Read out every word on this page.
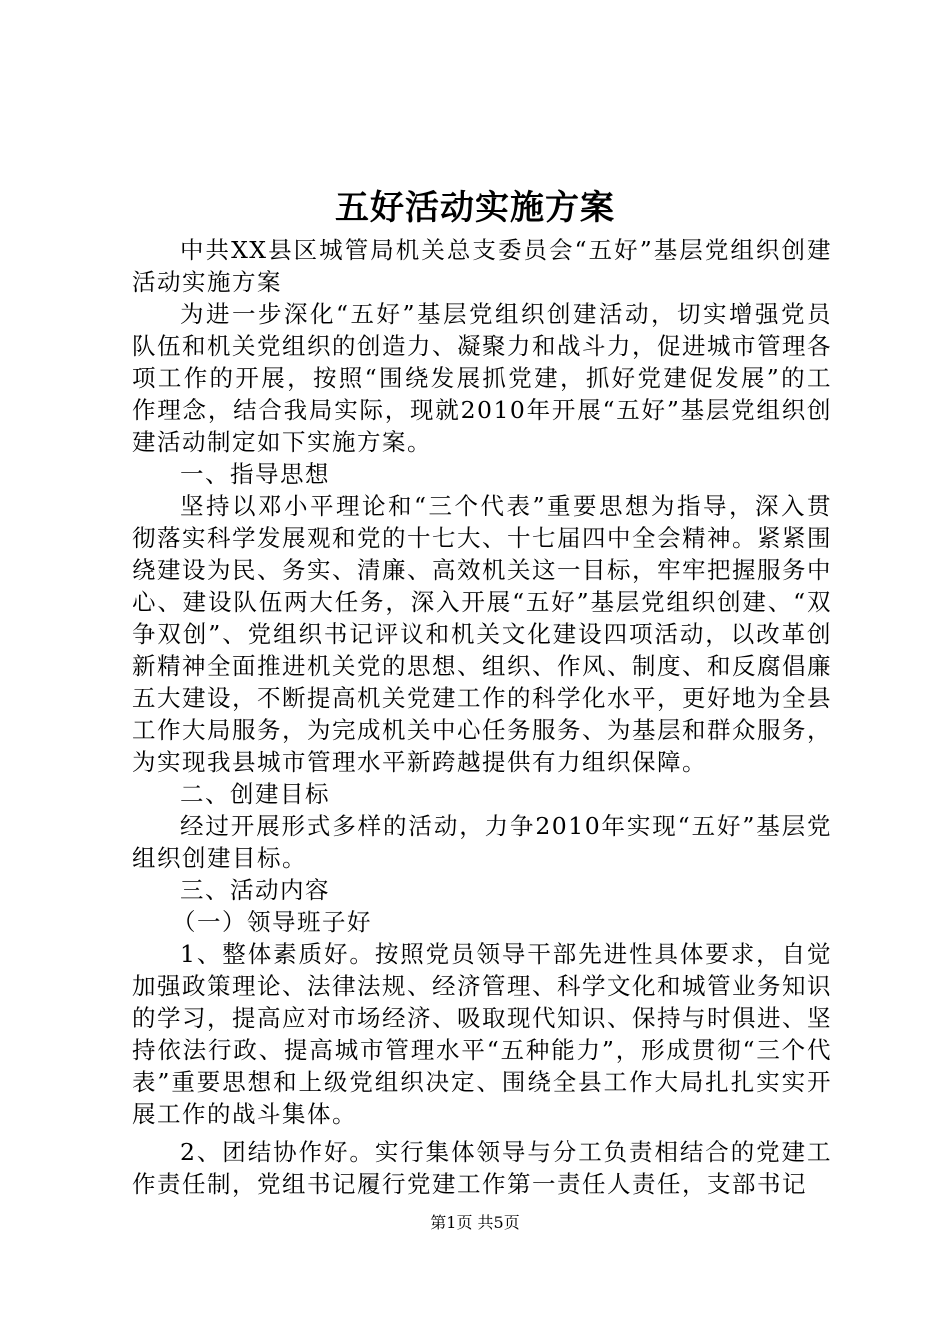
五好活动实施方案

中共XX县区城管局机关总支委员会“五好”基层党组织创建活动实施方案

为进一步深化“五好”基层党组织创建活动，切实增强党员队伍和机关党组织的创造力、凝聚力和战斗力，促进城市管理各项工作的开展，按照“围绕发展抓党建，抓好党建促发展”的工作理念，结合我局实际，现就2010年开展“五好”基层党组织创建活动制定如下实施方案。

一、指导思想

坚持以邓小平理论和“三个代表”重要思想为指导，深入贯彻落实科学发展观和党的十七大、十七届四中全会精神。紧紧围绕建设为民、务实、清廉、高效机关这一目标，牢牢把握服务中心、建设队伍两大任务，深入开展“五好”基层党组织创建、“双争双创”、党组织书记评议和机关文化建设四项活动，以改革创新精神全面推进机关党的思想、组织、作风、制度、和反腐倡廉五大建设，不断提高机关党建工作的科学化水平，更好地为全县工作大局服务，为完成机关中心任务服务、为基层和群众服务，为实现我县城市管理水平新跨越提供有力组织保障。

二、创建目标

经过开展形式多样的活动，力争2010年实现“五好”基层党组织创建目标。

三、活动内容

（一）领导班子好

1、整体素质好。按照党员领导干部先进性具体要求，自觉加强政策理论、法律法规、经济管理、科学文化和城管业务知识的学习，提高应对市场经济、吸取现代知识、保持与时俱进、坚持依法行政、提高城市管理水平“五种能力”，形成贯彻“三个代表”重要思想和上级党组织决定、围绕全县工作大局扎扎实实开展工作的战斗集体。

2、团结协作好。实行集体领导与分工负责相结合的党建工作责任制，党组书记履行党建工作第一责任人责任，支部书记

第1页 共5页
